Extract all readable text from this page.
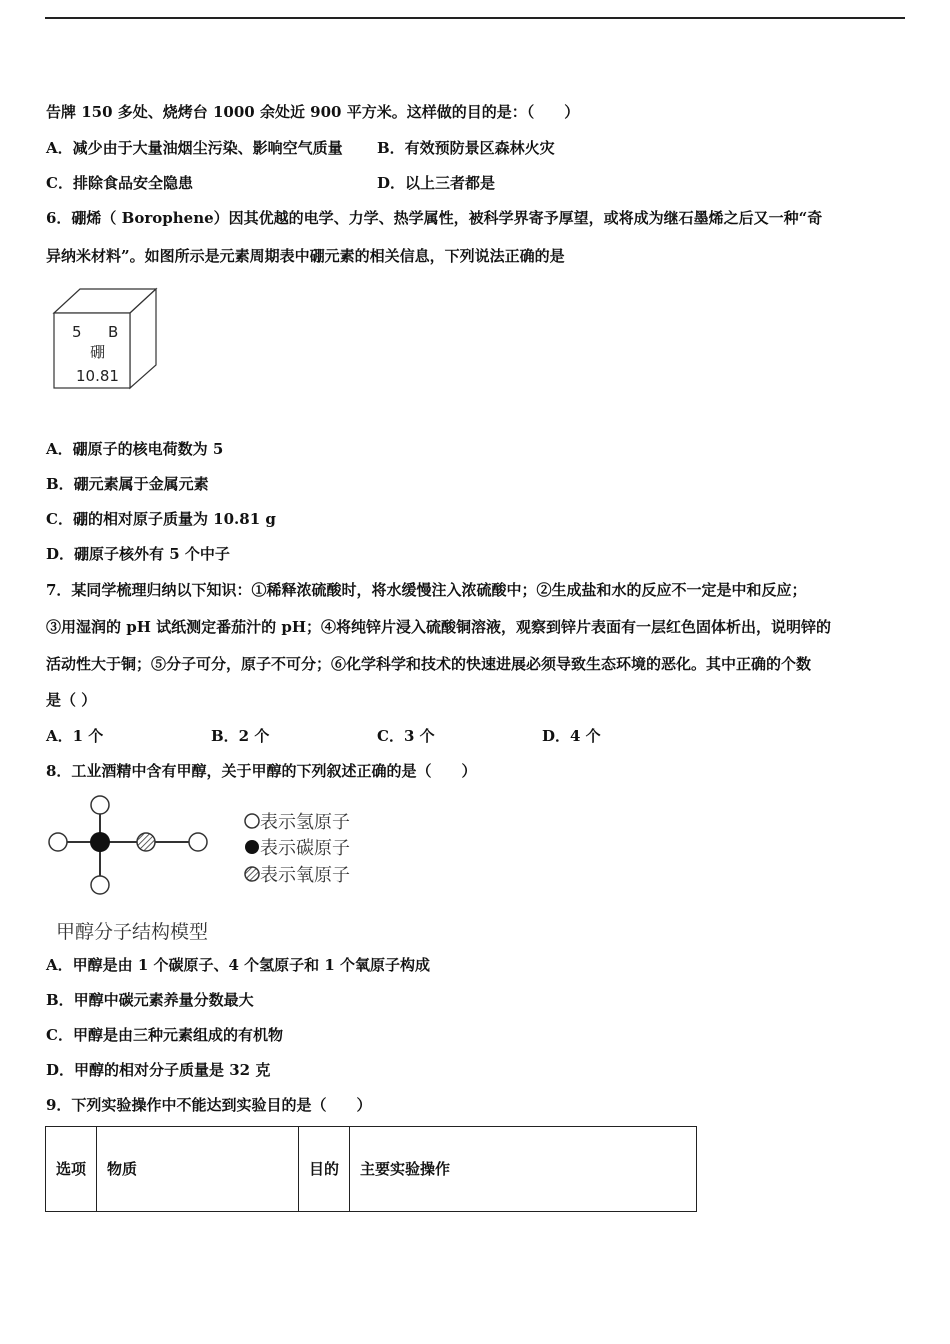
告牌 150 多处、烧烤台 1000 余处近 900 平方米。这样做的目的是：（　　）
A．减少由于大量油烟尘污染、影响空气质量 B．有效预防景区森林火灾
C．排除食品安全隐患	D．以上三者都是
6．硼烯（ Borophene）因其优越的电学、力学、热学属性，被科学界寄予厚望，或将成为继石墨烯之后又一种“奇
异纳米材料”。如图所示是元素周期表中硼元素的相关信息，下列说法正确的是
5 B
硼
10.81
A．硼原子的核电荷数为 5
B．硼元素属于金属元素
C．硼的相对原子质量为 10.81 g
D．硼原子核外有 5 个中子
7．某同学梳理归纳以下知识：①稀释浓硫酸时，将水缓慢注入浓硫酸中；②生成盐和水的反应不一定是中和反应；
③用湿润的 pH 试纸测定番茄汁的 pH；④将纯锌片浸入硫酸铜溶液，观察到锌片表面有一层红色固体析出，说明锌的
活动性大于铜；⑤分子可分，原子不可分；⑥化学科学和技术的快速进展必须导致生态环境的恶化。其中正确的个数
是（ ）
A．1 个	B．2 个	C．3 个	D．4 个
8．工业酒精中含有甲醇，关于甲醇的下列叙述正确的是（　　）
表示氢原子
表示碳原子
表示氧原子
甲醇分子结构模型
A．甲醇是由 1 个碳原子、4 个氢原子和 1 个氧原子构成
B．甲醇中碳元素养量分数最大
C．甲醇是由三种元素组成的有机物
D．甲醇的相对分子质量是 32 克
9．下列实验操作中不能达到实验目的是（　　）
选项	物质	目的	主要实验操作
